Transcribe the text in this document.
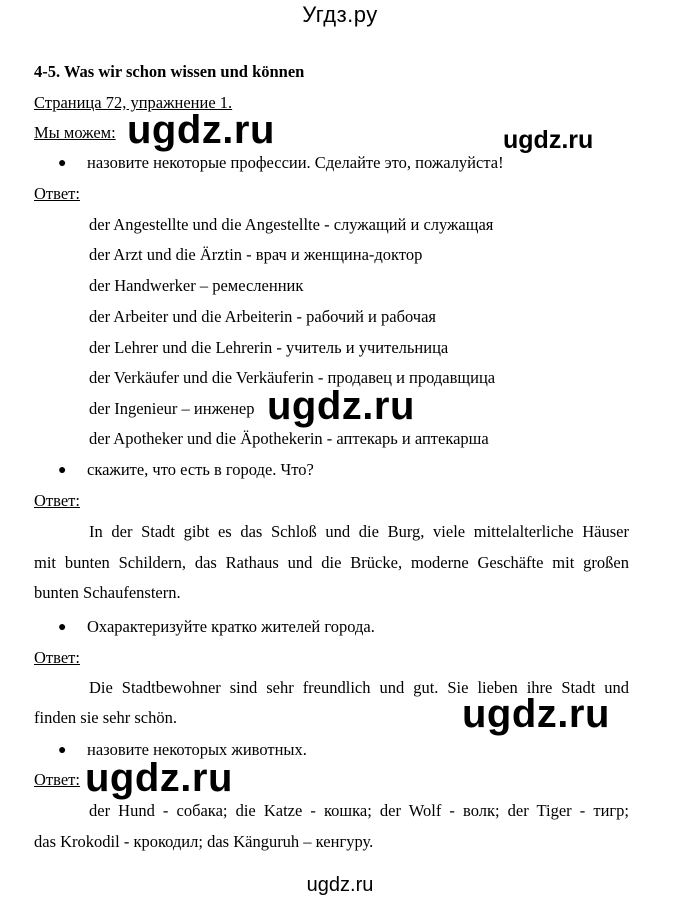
Угдз.ру
4-5. Was wir schon wissen und können
Страница 72, упражнение 1.
Мы можем:
● назовите некоторые профессии. Сделайте это, пожалуйста!
Ответ:
der Angestellte und die Angestellte - служащий и служащая
der Arzt und die Ärztin - врач и женщина-доктор
der Handwerker – ремесленник
der Arbeiter und die Arbeiterin - рабочий и рабочая
der Lehrer und die Lehrerin - учитель и учительница
der Verkäufer und die Verkäuferin - продавец и продавщица
der Ingenieur – инженер
der Apotheker und die Äpothekerin - аптекарь и аптекарша
● скажите, что есть в городе. Что?
Ответ:
In der Stadt gibt es das Schloß und die Burg, viele mittelalterliche Häuser
mit bunten Schildern, das Rathaus und die Brücke, moderne Geschäfte mit großen
bunten Schaufenstern.
● Охарактеризуйте кратко жителей города.
Ответ:
Die Stadtbewohner sind sehr freundlich und gut. Sie lieben ihre Stadt und
finden sie sehr schön.
● назовите некоторых животных.
Ответ:
der Hund - собака; die Katze - кошка; der Wolf - волк; der Tiger - тигр;
das Krokodil - крокодил; das Känguruh – кенгуру.
ugdz.ru	ugdz.ru
ugdz.ru
ugdz.ru
ugdz.ru
ugdz.ru
